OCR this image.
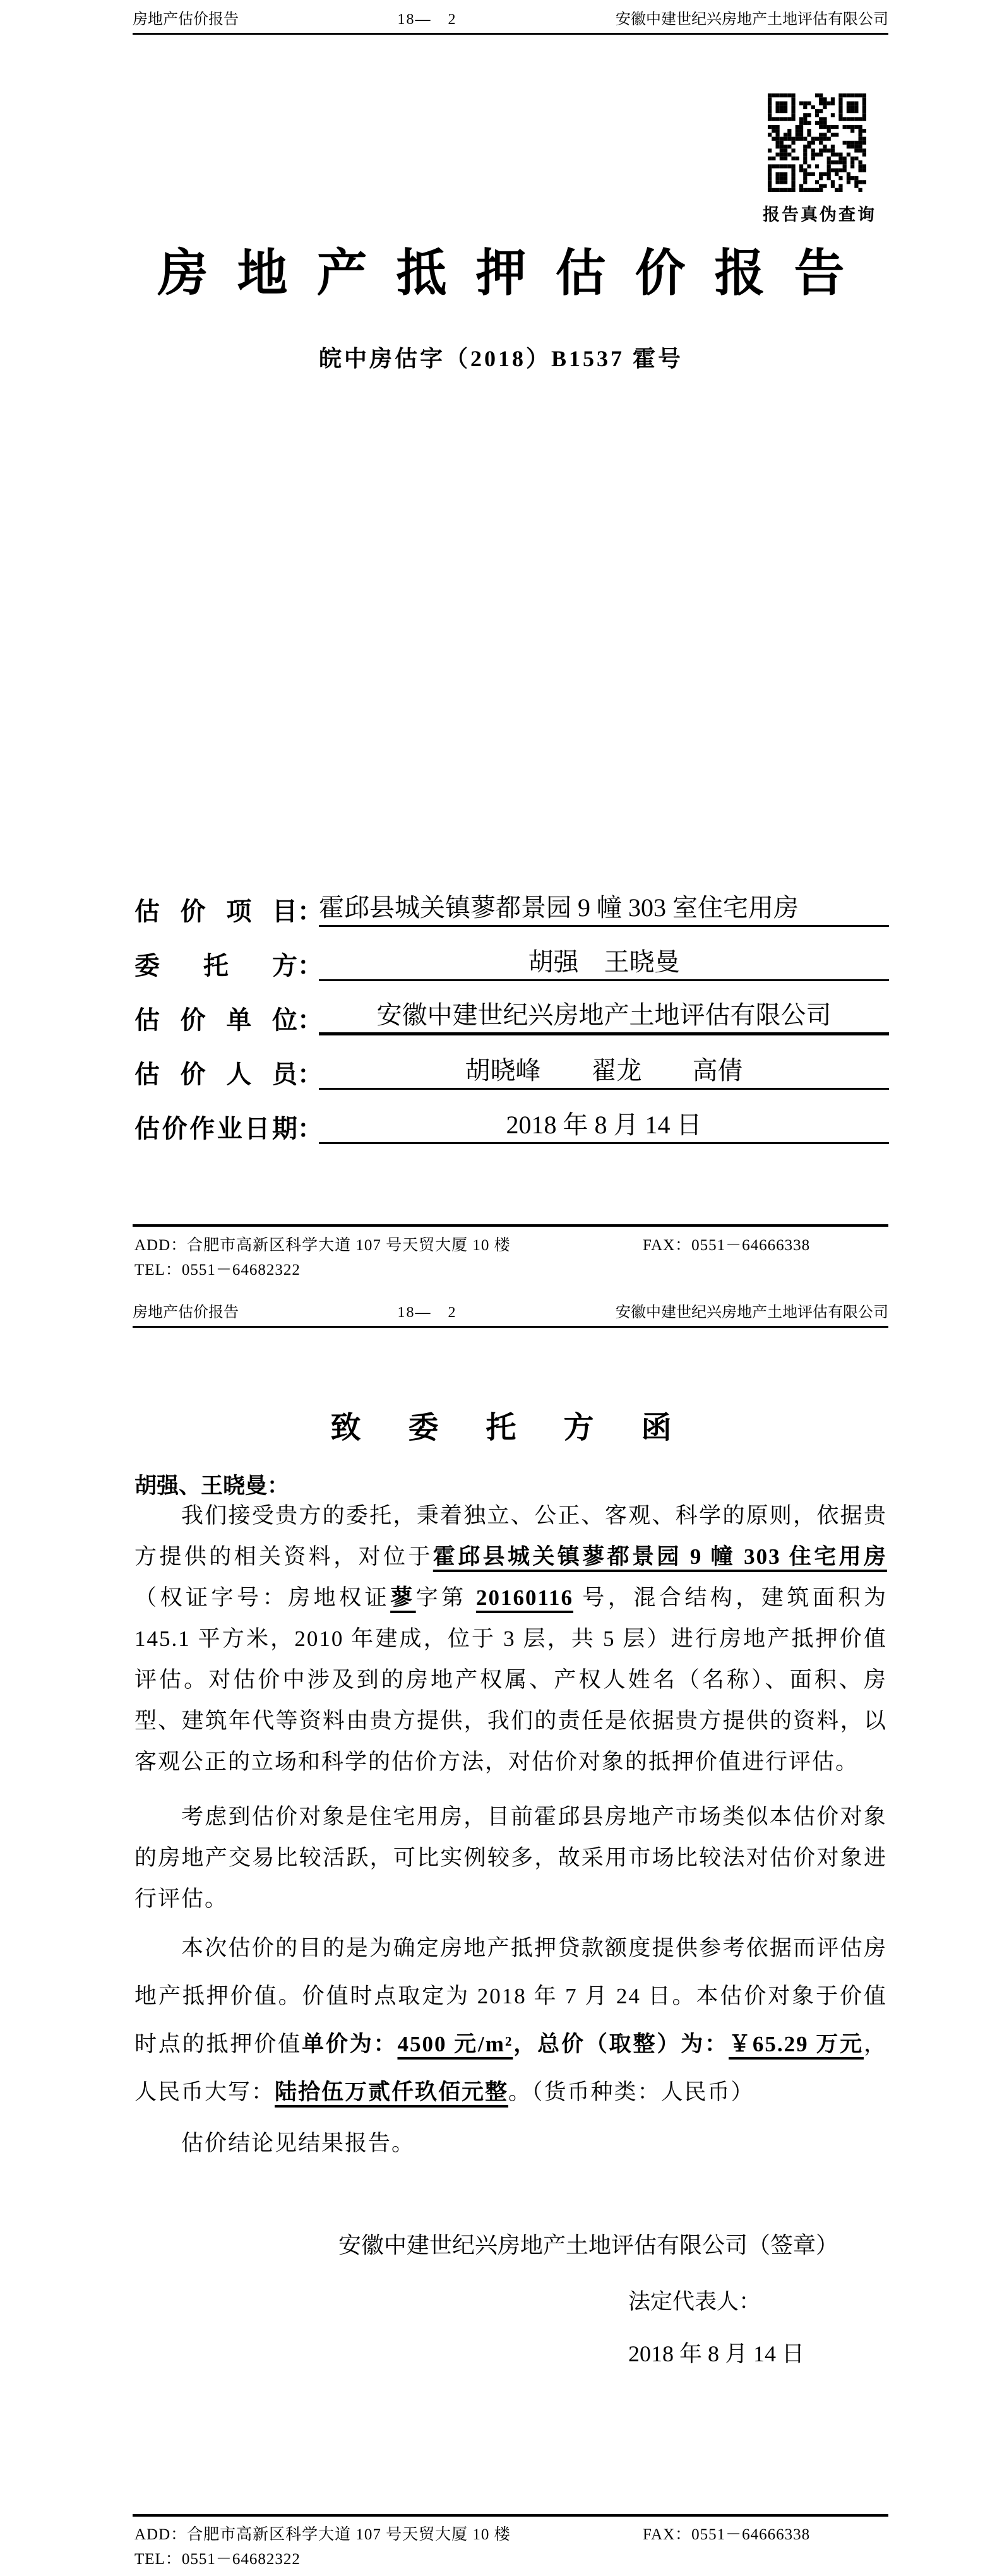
房地产估价报告	18—　2	安徽中建世纪兴房地产土地评估有限公司
报告真伪查询
房地产抵押估价报告
皖中房估字（2018）B1537 霍号
估价项目 ：
霍邱县城关镇蓼都景园 9 幢 303 室住宅用房
委托方 ：	胡强　王晓曼
估价单位 ：	安徽中建世纪兴房地产土地评估有限公司
估价人员 ：	胡晓峰　　翟龙　　高倩
估价作业日期 ：	2018 年 8 月 14 日
ADD：合肥市高新区科学大道 107 号天贸大厦 10 楼	FAX：0551－64666338
TEL：0551－64682322
房地产估价报告	18—　2	安徽中建世纪兴房地产土地评估有限公司
致委托方函
胡强、王晓曼：

我们接受贵方的委托，秉着独立、公正、客观、科学的原则，依据贵方提供的相关资料，对位于霍邱县城关镇蓼都景园 9 幢 303 住宅用房（权证字号：房地权证蓼字第 20160116 号，混合结构，建筑面积为 145.1 平方米，2010 年建成，位于 3 层，共 5 层）进行房地产抵押价值评估。对估价中涉及到的房地产权属、产权人姓名（名称）、面积、房型、建筑年代等资料由贵方提供，我们的责任是依据贵方提供的资料，以客观公正的立场和科学的估价方法，对估价对象的抵押价值进行评估。

考虑到估价对象是住宅用房，目前霍邱县房地产市场类似本估价对象的房地产交易比较活跃，可比实例较多，故采用市场比较法对估价对象进行评估。

本次估价的目的是为确定房地产抵押贷款额度提供参考依据而评估房地产抵押价值。价值时点取定为 2018 年 7 月 24 日。本估价对象于价值时点的抵押价值单价为：4500 元/m²，总价（取整）为：￥65.29 万元，人民币大写：陆拾伍万贰仟玖佰元整。（货币种类：人民币）

估价结论见结果报告。

安徽中建世纪兴房地产土地评估有限公司（签章）
法定代表人：
2018 年 8 月 14 日
ADD：合肥市高新区科学大道 107 号天贸大厦 10 楼	FAX：0551－64666338
TEL：0551－64682322
